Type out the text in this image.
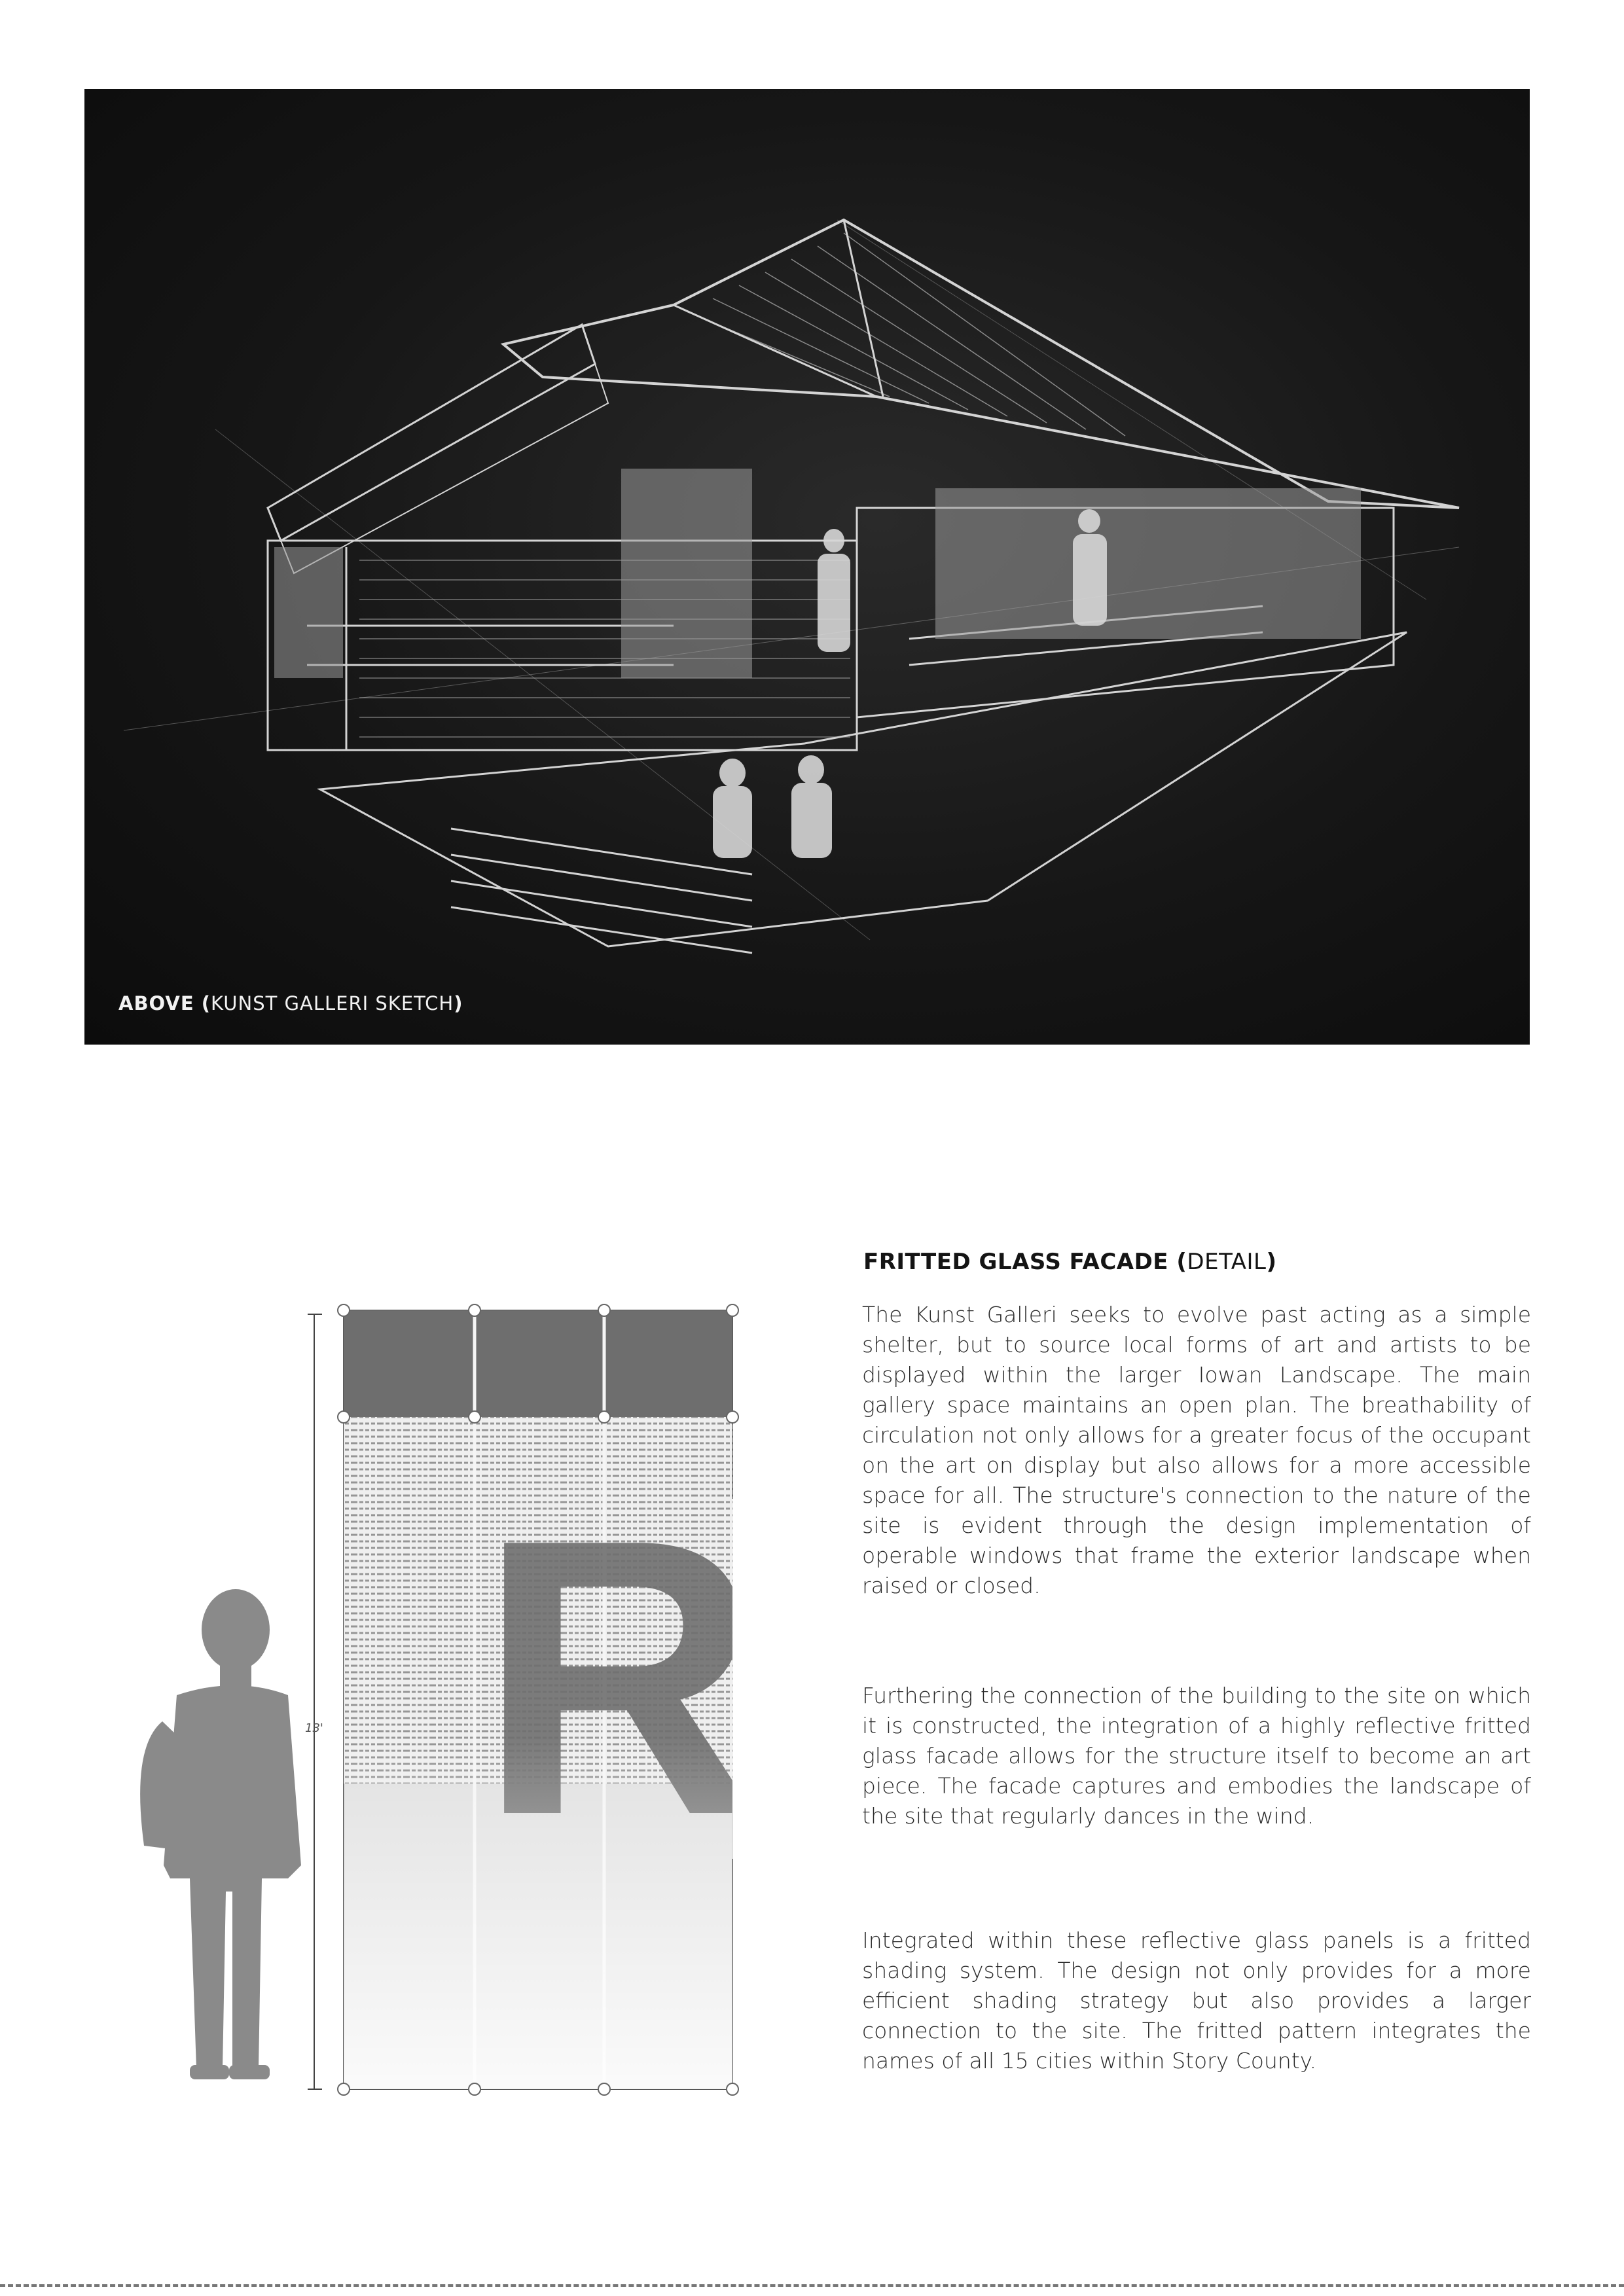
ABOVE (KUNST GALLERI SKETCH)
13'
FRITTED GLASS FACADE (DETAIL)

The Kunst Galleri seeks to evolve past acting as a simple shelter, but to source local forms of art and artists to be displayed within the larger Iowan Landscape. The main gallery space maintains an open plan. The breathability of circulation not only allows for a greater focus of the occupant on the art on display but also allows for a more accessible space for all. The structure's connection to the nature of the site is evident through the design implementation of operable windows that frame the exterior landscape when raised or closed.

Furthering the connection of the building to the site on which it is constructed, the integration of a highly reflective fritted glass facade allows for the structure itself to become an art piece. The facade captures and embodies the landscape of the site that regularly dances in the wind.

Integrated within these reflective glass panels is a fritted shading system. The design not only provides for a more efficient shading strategy but also provides a larger connection to the site. The fritted pattern integrates the names of all 15 cities within Story County.
